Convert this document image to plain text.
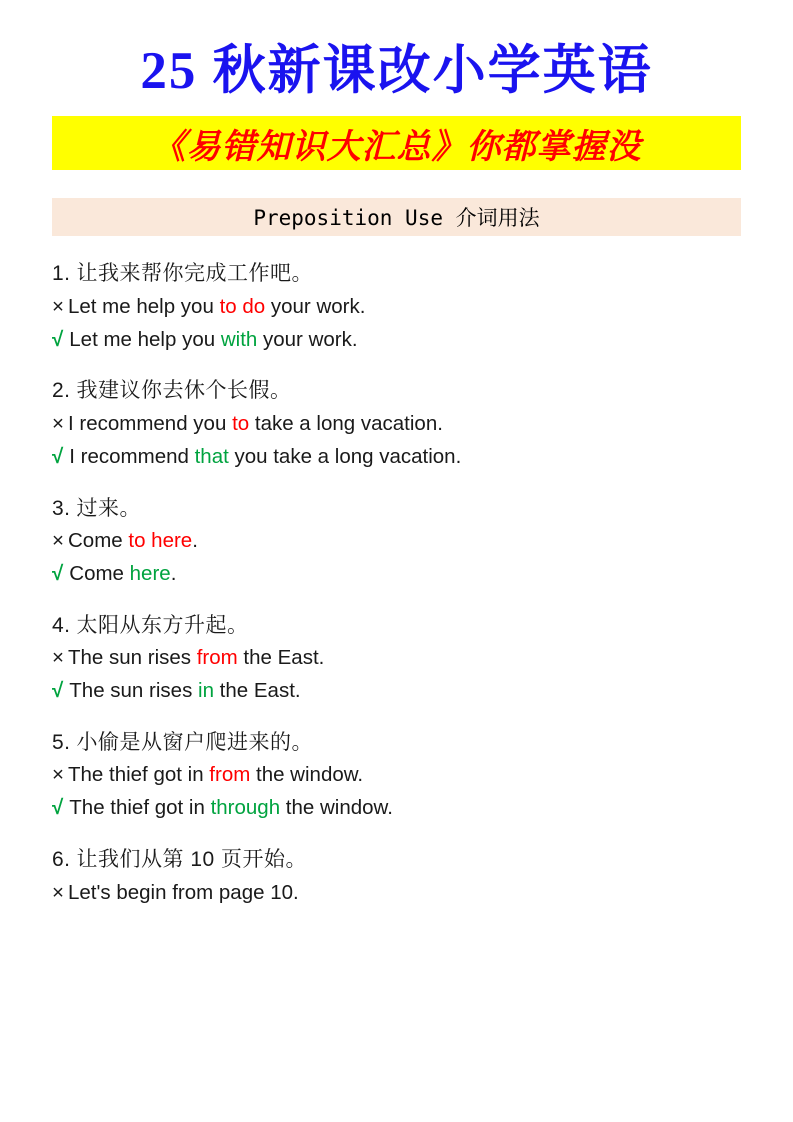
25 秋新课改小学英语
《易错知识大汇总》你都掌握没
Preposition Use 介词用法
1. 让我来帮你完成工作吧。
× Let me help you to do your work.
√ Let me help you with your work.
2. 我建议你去休个长假。
× I recommend you to take a long vacation.
√ I recommend that you take a long vacation.
3. 过来。
× Come to here.
√ Come here.
4. 太阳从东方升起。
× The sun rises from the East.
√ The sun rises in the East.
5. 小偷是从窗户爬进来的。
× The thief got in from the window.
√ The thief got in through the window.
6. 让我们从第 10 页开始。
× Let's begin from page 10.
